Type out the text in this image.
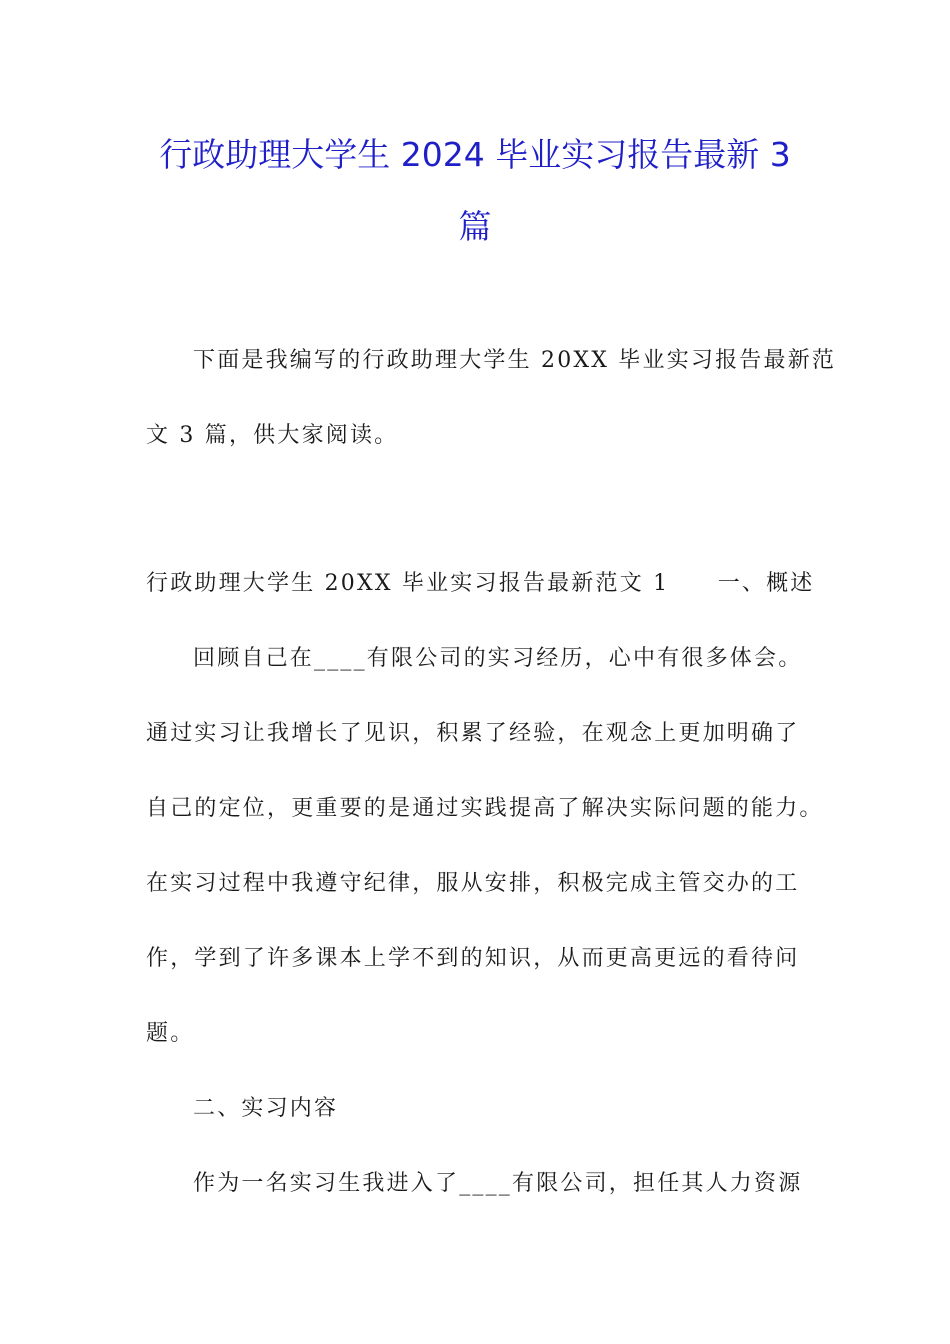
行政助理大学生 2024 毕业实习报告最新 3
篇
下面是我编写的行政助理大学生 20XX 毕业实习报告最新范
文 3 篇，供大家阅读。
行政助理大学生 20XX 毕业实习报告最新范文 1　　一、概述
回顾自己在____有限公司的实习经历，心中有很多体会。
通过实习让我增长了见识，积累了经验，在观念上更加明确了
自己的定位，更重要的是通过实践提高了解决实际问题的能力。
在实习过程中我遵守纪律，服从安排，积极完成主管交办的工
作，学到了许多课本上学不到的知识，从而更高更远的看待问
题。
二、实习内容
作为一名实习生我进入了____有限公司，担任其人力资源
